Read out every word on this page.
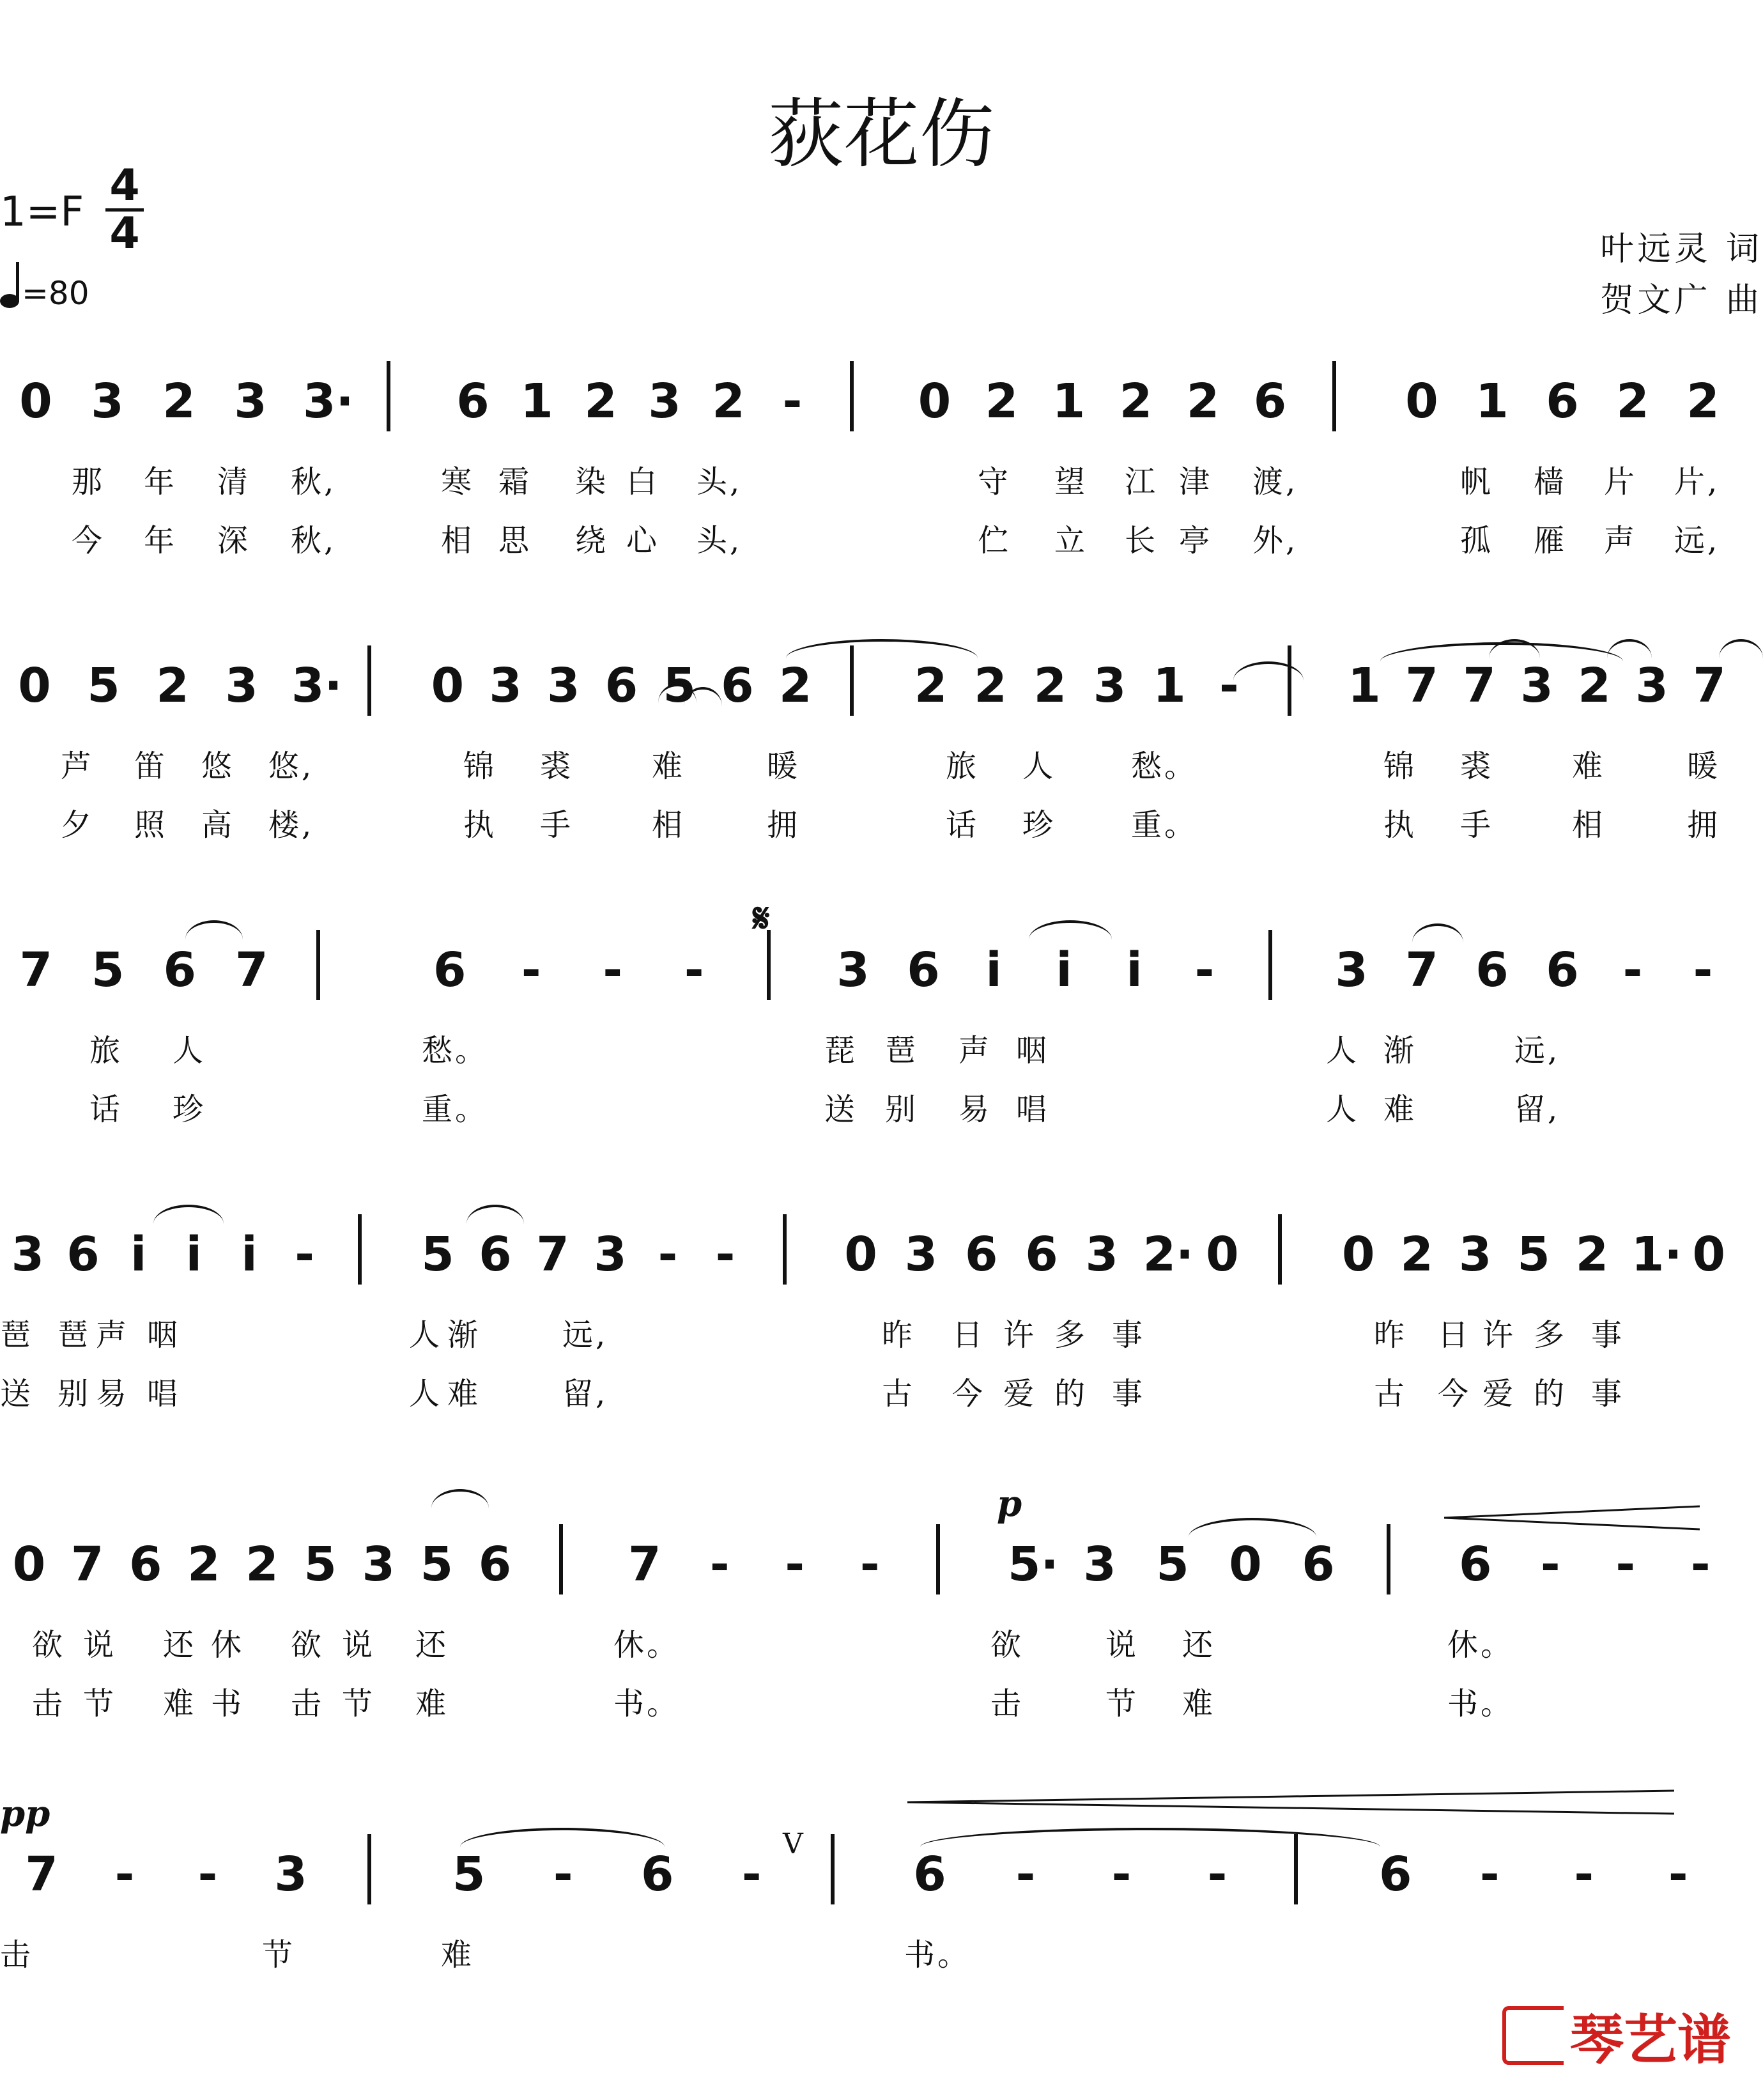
荻花伤
1=F
4
4
=80
叶远灵 词
贺文广 曲
0 3 2 3 3· 6 1 2 3 2 - 0 2 1 2 2 6	0 1 6 2 2
那 年 清 秋,	寒 霜 染 白 头,	守 望 江 津 渡,	帆 樯 片 片,
今 年 深 秋,	相 思 绕 心 头,	伫 立 长 亭 外,	孤 雁 声 远,
0 5 2 3 3· 0 3 3 6 5 6 2 2 2 2 3 1 - 1 7 7 3 2 3 7
芦 笛 悠 悠,	锦 裘	难	暖	旅 人 愁。	锦 裘	难	暖
夕 照 高 楼,	执 手	相	拥	话 珍 重。	执 手	相	拥
7 5 6 7	6 - - -	3 6 i i i -	3 7 6 6 - -
旅 人	愁。	琵 琶 声 咽	人 渐	远,
话 珍	重。	送 别 易 唱	人 难	留,
3 6 i i i - 5 6 7 3 - - 0 3 6 6 3 2· 0 0 2 3 5 2 1· 0
琶 琶 声 咽	人 渐	远,	昨 日 许 多 事	昨 日 许 多 事
送 别 易 唱	人 难	留,	古 今 爱 的 事	古 今 爱 的 事
0 7 6 2 2 5 3 5 6 7 - - -	5· 3 5 0 6	6 - - -
欲 说 还 休 欲 说 还	休。	欲	说 还	休。
击 节 难 书 击 节 难	书。	击	节 难	书。
p
7 - - 3	5 - 6 -	6 - - -	6 - - -
击	节	难	书。
pp
V
𝄋
琴艺谱
